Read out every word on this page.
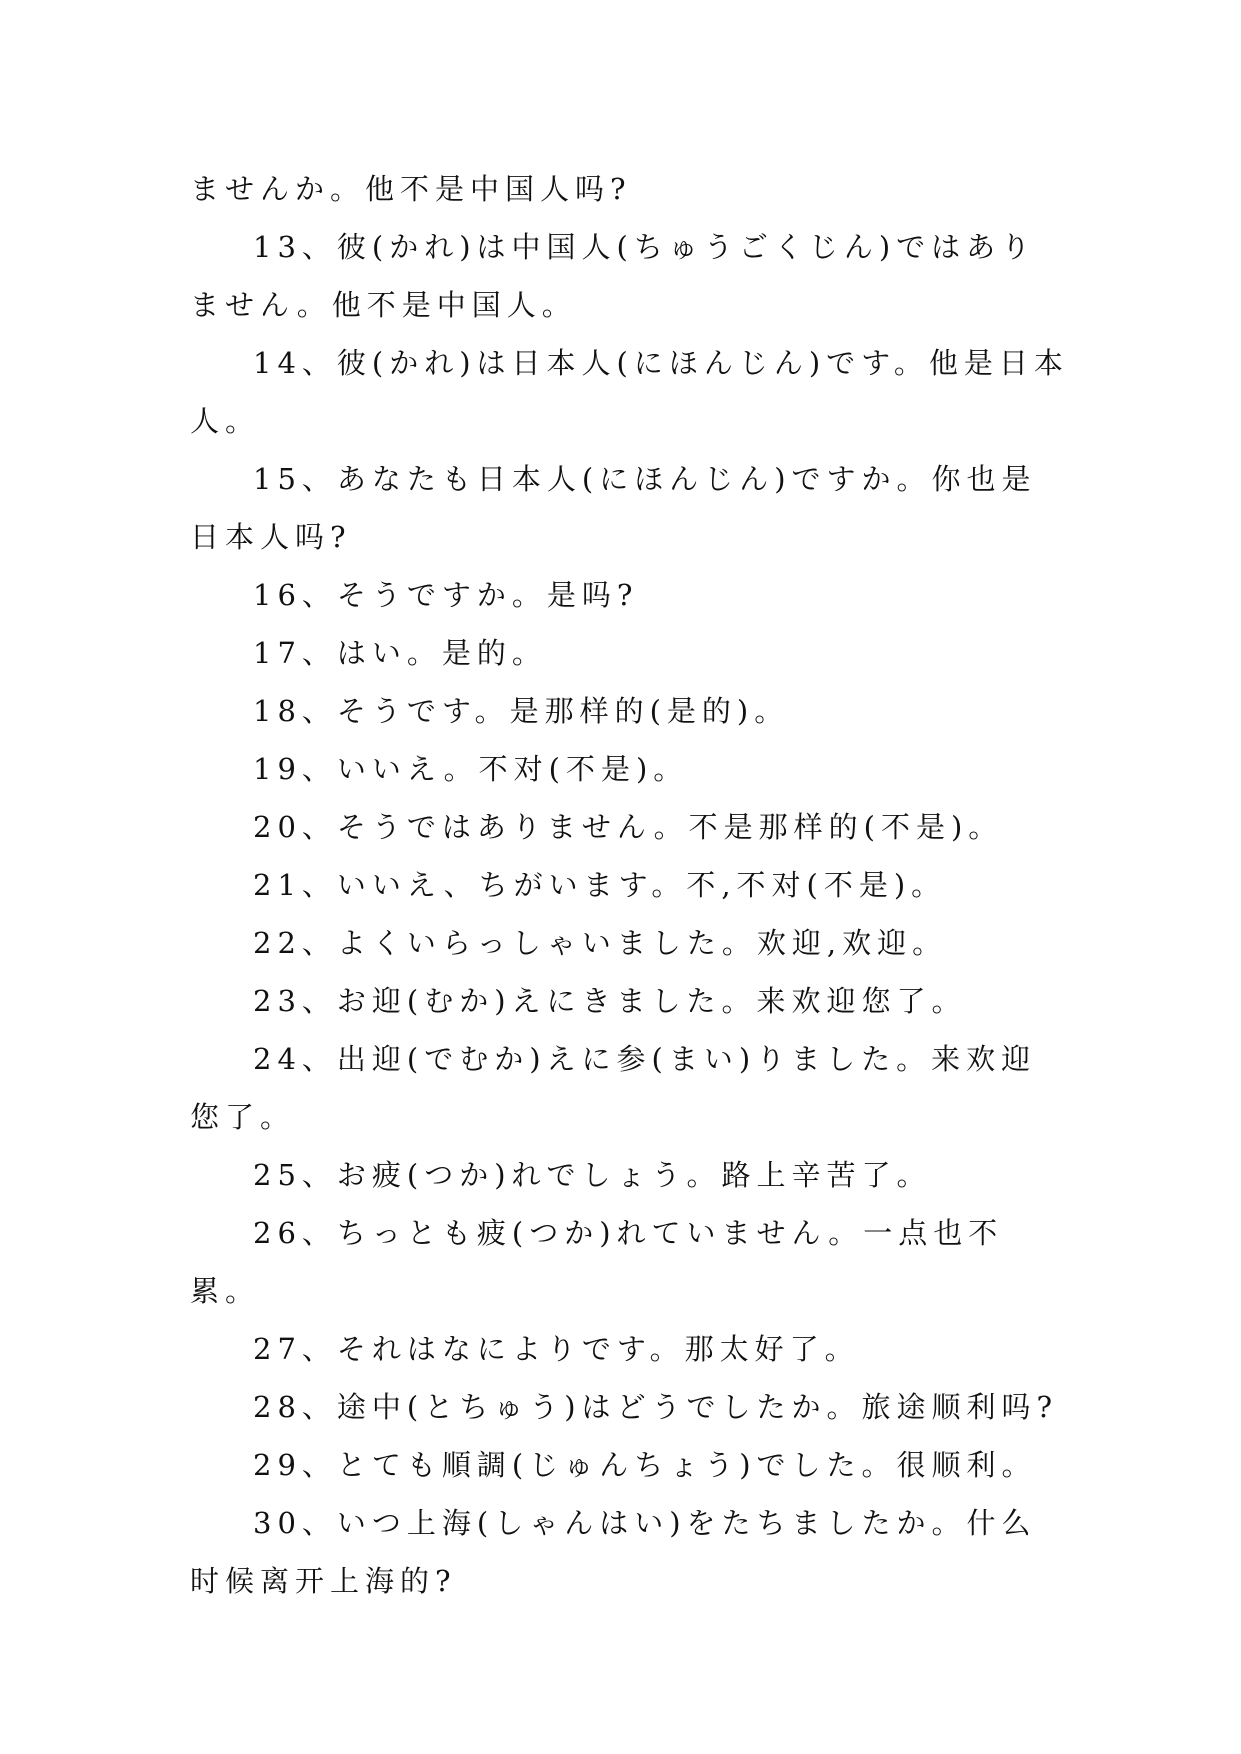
ませんか。他不是中国人吗?

13、彼(かれ)は中国人(ちゅうごくじん)ではありません。他不是中国人。

14、彼(かれ)は日本人(にほんじん)です。他是日本人。

15、あなたも日本人(にほんじん)ですか。你也是日本人吗?

16、そうですか。是吗?

17、はい。是的。

18、そうです。是那样的(是的)。

19、いいえ。不对(不是)。

20、そうではありません。不是那样的(不是)。

21、いいえ、ちがいます。不,不对(不是)。

22、よくいらっしゃいました。欢迎,欢迎。

23、お迎(むか)えにきました。来欢迎您了。

24、出迎(でむか)えに参(まい)りました。来欢迎您了。

25、お疲(つか)れでしょう。路上辛苦了。

26、ちっとも疲(つか)れていません。一点也不累。

27、それはなによりです。那太好了。

28、途中(とちゅう)はどうでしたか。旅途顺利吗?

29、とても順調(じゅんちょう)でした。很顺利。

30、いつ上海(しゃんはい)をたちましたか。什么时候离开上海的?
